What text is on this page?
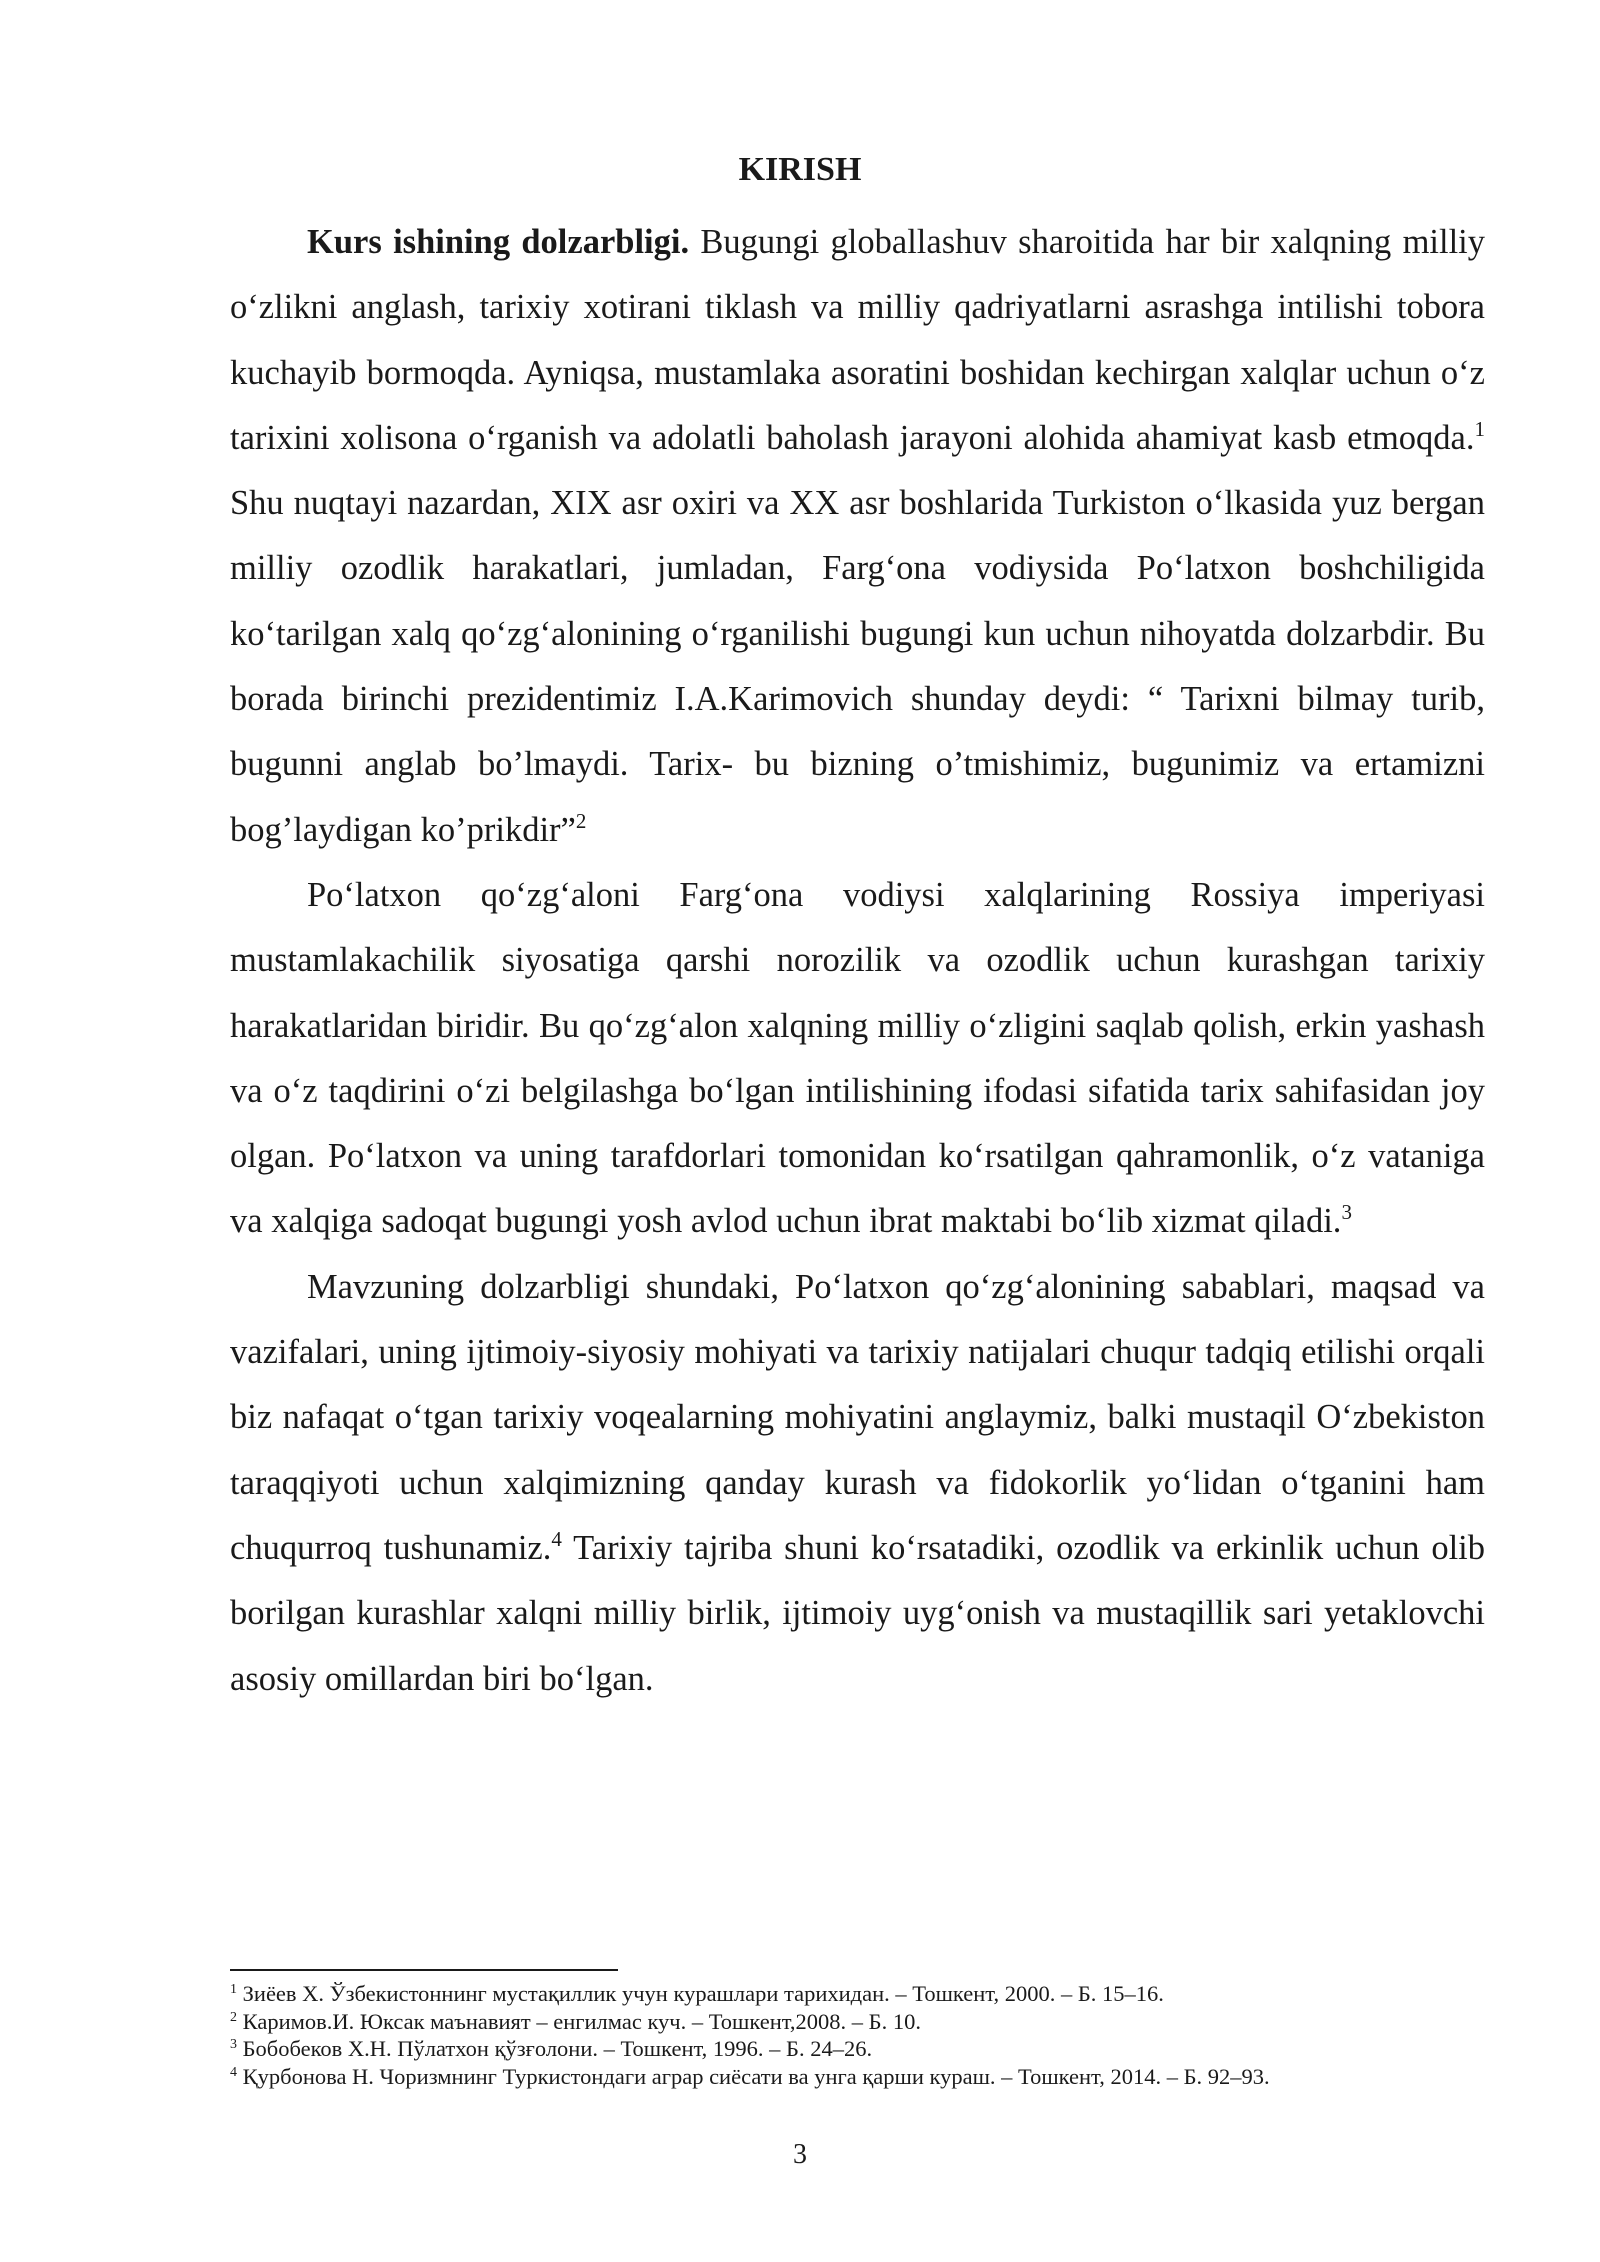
KIRISH

Kurs ishining dolzarbligi. Bugungi globallashuv sharoitida har bir xalqning milliy o‘zlikni anglash, tarixiy xotirani tiklash va milliy qadriyatlarni asrashga intilishi tobora kuchayib bormoqda. Ayniqsa, mustamlaka asoratini boshidan kechirgan xalqlar uchun o‘z tarixini xolisona o‘rganish va adolatli baholash jarayoni alohida ahamiyat kasb etmoqda.$^1$ Shu nuqtayi nazardan, XIX asr oxiri va XX asr boshlarida Turkiston o‘lkasida yuz bergan milliy ozodlik harakatlari, jumladan, Farg‘ona vodiysida Po‘latxon boshchiligida ko‘tarilgan xalq qo‘zg‘alonining o‘rganilishi bugungi kun uchun nihoyatda dolzarbdir. Bu borada birinchi prezidentimiz I.A.Karimovich shunday deydi: “ Tarixni bilmay turib, bugunni anglab bo’lmaydi. Tarix- bu bizning o’tmishimiz, bugunimiz va ertamizni bog’laydigan ko’prikdir”$^2$

Po‘latxon qo‘zg‘aloni Farg‘ona vodiysi xalqlarining Rossiya imperiyasi mustamlakachilik siyosatiga qarshi norozilik va ozodlik uchun kurashgan tarixiy harakatlaridan biridir. Bu qo‘zg‘alon xalqning milliy o‘zligini saqlab qolish, erkin yashash va o‘z taqdirini o‘zi belgilashga bo‘lgan intilishining ifodasi sifatida tarix sahifasidan joy olgan. Po‘latxon va uning tarafdorlari tomonidan ko‘rsatilgan qahramonlik, o‘z vataniga va xalqiga sadoqat bugungi yosh avlod uchun ibrat maktabi bo‘lib xizmat qiladi.$^3$

Mavzuning dolzarbligi shundaki, Po‘latxon qo‘zg‘alonining sabablari, maqsad va vazifalari, uning ijtimoiy-siyosiy mohiyati va tarixiy natijalari chuqur tadqiq etilishi orqali biz nafaqat o‘tgan tarixiy voqealarning mohiyatini anglaymiz, balki mustaqil O‘zbekiston taraqqiyoti uchun xalqimizning qanday kurash va fidokorlik yo‘lidan o‘tganini ham chuqurroq tushunamiz.$^4$ Tarixiy tajriba shuni ko‘rsatadiki, ozodlik va erkinlik uchun olib borilgan kurashlar xalqni milliy birlik, ijtimoiy uyg‘onish va mustaqillik sari yetaklovchi asosiy omillardan biri bo‘lgan.

$^1$ Зиёев Х. Ўзбекистоннинг мустақиллик учун курашлари тарихидан. – Тошкент, 2000. – Б. 15–16.
$^2$ Каримов.И. Юксак маънавият – енгилмас куч. – Тошкент,2008. – Б. 10.
$^3$ Бобобеков Х.Н. Пўлатхон қўзғолони. – Тошкент, 1996. – Б. 24–26.
$^4$ Қурбонова Н. Чоризмнинг Туркистондаги аграр сиёсати ва унга қарши кураш. – Тошкент, 2014. – Б. 92–93.
3
